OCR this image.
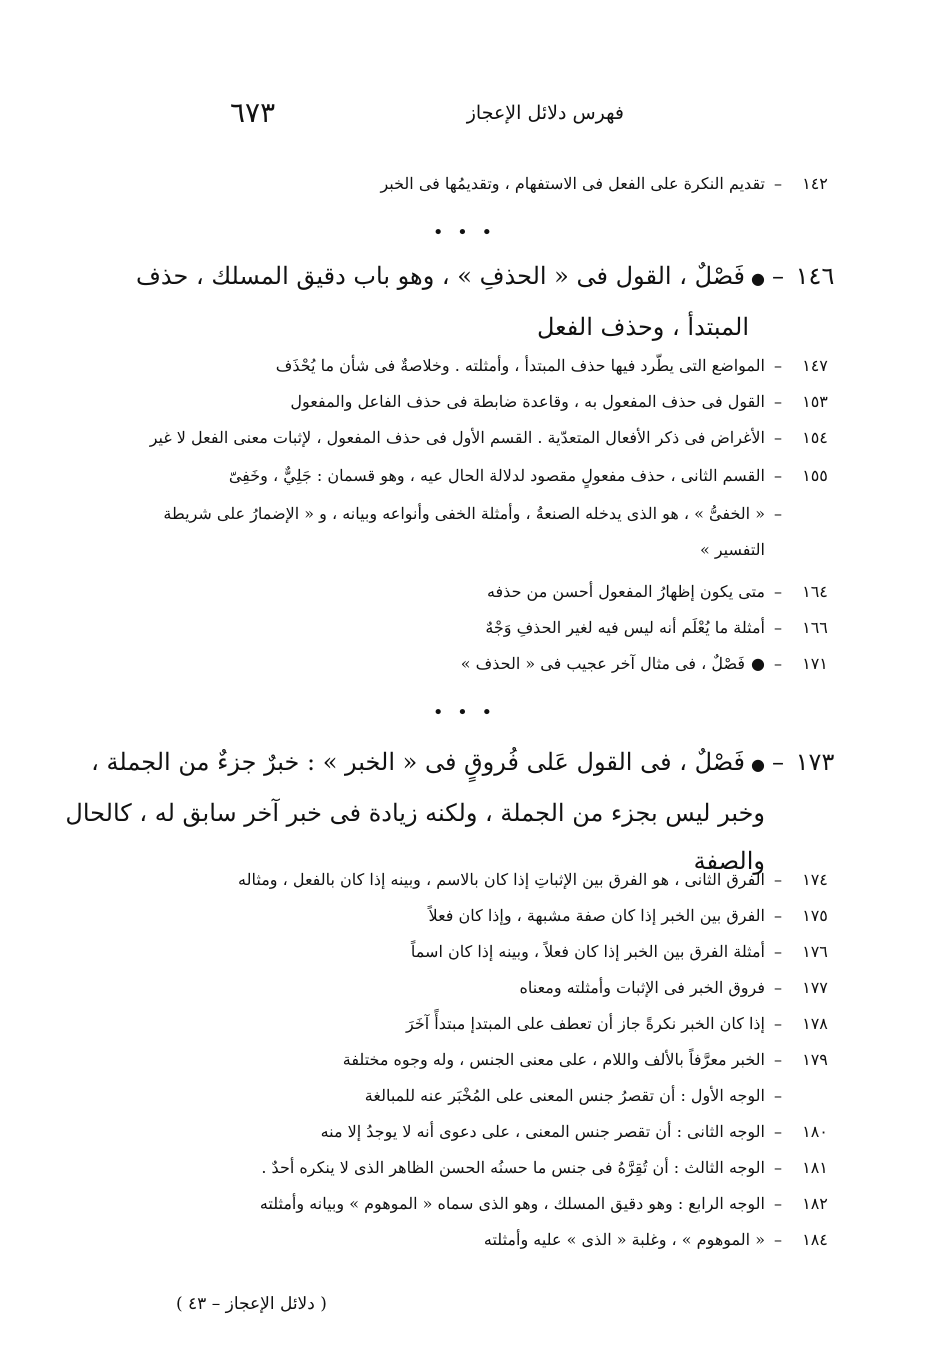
٦٧٣	فهرس دلائل الإعجاز
١٤٢–تقديم النكرة على الفعل فى الاستفهام ، وتقديمُها فى الخبر
• • •
١٤٦–●فَصْلٌ ، القول فى « الحذفِ » ، وهو باب دقيق المسلك ، حذف
المبتدأ ، وحذف الفعل
١٤٧–المواضع التى يطّرد فيها حذف المبتدأ ، وأمثلته . وخلاصةٌ فى شأن ما يُحْذَف
١٥٣–القول فى حذف المفعول به ، وقاعدة ضابطة فى حذف الفاعل والمفعول
١٥٤–الأغراض فى ذكر الأفعال المتعدّية . القسم الأول فى حذف المفعول ، لإثبات معنى الفعل لا غير
١٥٥–القسم الثانى ، حذف مفعولٍ مقصود لدلالة الحال عيه ، وهو قسمان : جَلِيٌّ ، وخَفِىّ
–« الخفىُّ » ، هو الذى يدخله الصنعةُ ، وأمثلة الخفى وأنواعه وبيانه ، و « الإضمارُ على شريطة
التفسير »
١٦٤–متى يكون إظهارُ المفعول أحسن من حذفه
١٦٦–أمثلة ما يُعْلَم أنه ليس فيه لغير الحذفِ وَجْهٌ
١٧١–●فَصْلٌ ، فى مثال آخر عجيب فى « الحذف »
• • •
١٧٣–●فَصْلٌ ، فى القول عَلى فُروقٍ فى « الخبر » : خبرٌ جزءٌ من الجملة ،
وخبر ليس بجزء من الجملة ، ولكنه زيادة فى خبر آخر سابق له ، كالحال
والصفة
١٧٤–الفرق الثانى ، هو الفرق بين الإثباتِ إذا كان بالاسم ، وبينه إذا كان بالفعل ، ومثاله
١٧٥–الفرق بين الخبر إذا كان صفة مشبهة ، وإذا كان فعلاً
١٧٦–أمثلة الفرق بين الخبر إذا كان فعلاً ، وبينه إذا كان اسماً
١٧٧–فروق الخبر فى الإثبات وأمثلته ومعناه
١٧٨–إذا كان الخبر نكرةً جاز أن تعطف على المبتدإ مبتدأً آخَرَ
١٧٩–الخبر معرَّفاً بالألف واللام ، على معنى الجنس ، وله وجوه مختلفة
–الوجه الأول : أن تقصرُ جنس المعنى على المُخْبَر عنه للمبالغة
١٨٠–الوجه الثانى : أن تقصر جنس المعنى ، على دعوى أنه لا يوجدُ إلا منه
١٨١–الوجه الثالث : أن تُقِرَّهُ فى جنس ما حسنُه الحسن الظاهر الذى لا ينكره أحدٌ .
١٨٢–الوجه الرابع : وهو دقيق المسلك ، وهو الذى سماه « الموهوم » وبيانه وأمثلته
١٨٤–« الموهوم » ، وغلبة « الذى » عليه وأمثلته
( دلائل الإعجاز – ٤٣ )
